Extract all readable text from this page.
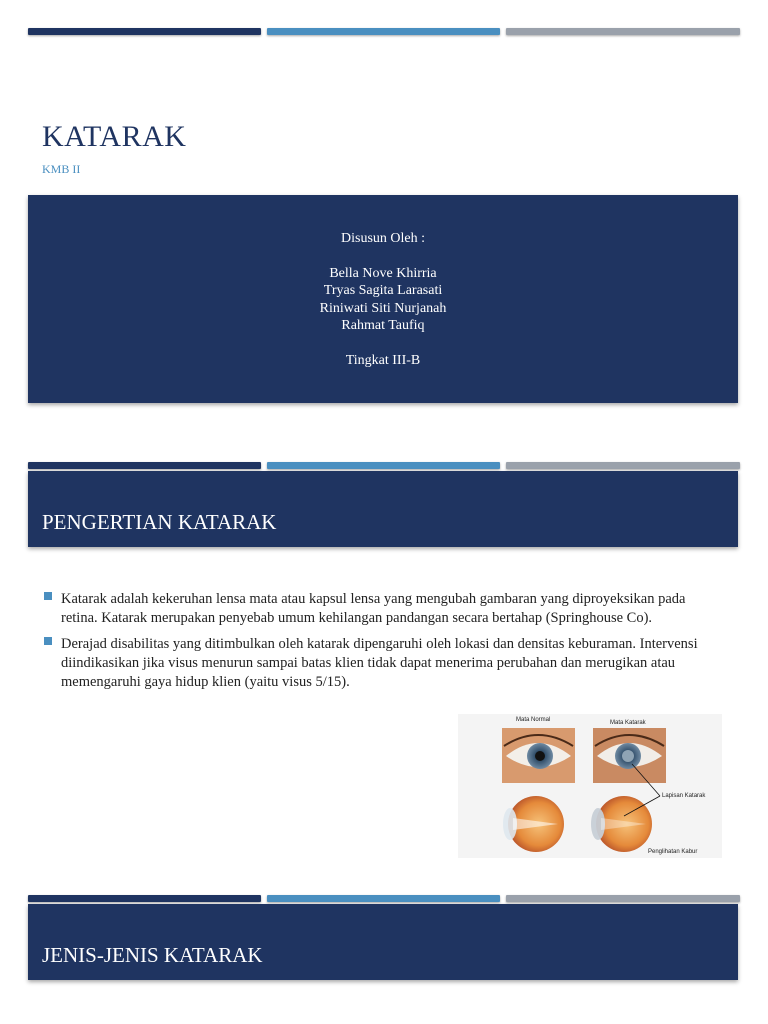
KATARAK
KMB II
Disusun Oleh :
Bella Nove Khirria
Tryas Sagita Larasati
Riniwati Siti Nurjanah
Rahmat Taufiq
Tingkat III-B
PENGERTIAN KATARAK
Katarak adalah kekeruhan lensa mata atau kapsul lensa yang mengubah gambaran yang diproyeksikan pada retina. Katarak merupakan penyebab umum kehilangan pandangan secara bertahap (Springhouse Co).
Derajad disabilitas yang ditimbulkan oleh katarak dipengaruhi oleh lokasi dan densitas keburaman. Intervensi diindikasikan jika visus menurun sampai batas klien tidak dapat menerima perubahan dan merugikan atau memengaruhi gaya hidup klien (yaitu visus 5/15).
Mata Normal	Mata Katarak
Lapisan Katarak
Penglihatan Kabur
JENIS-JENIS KATARAK
